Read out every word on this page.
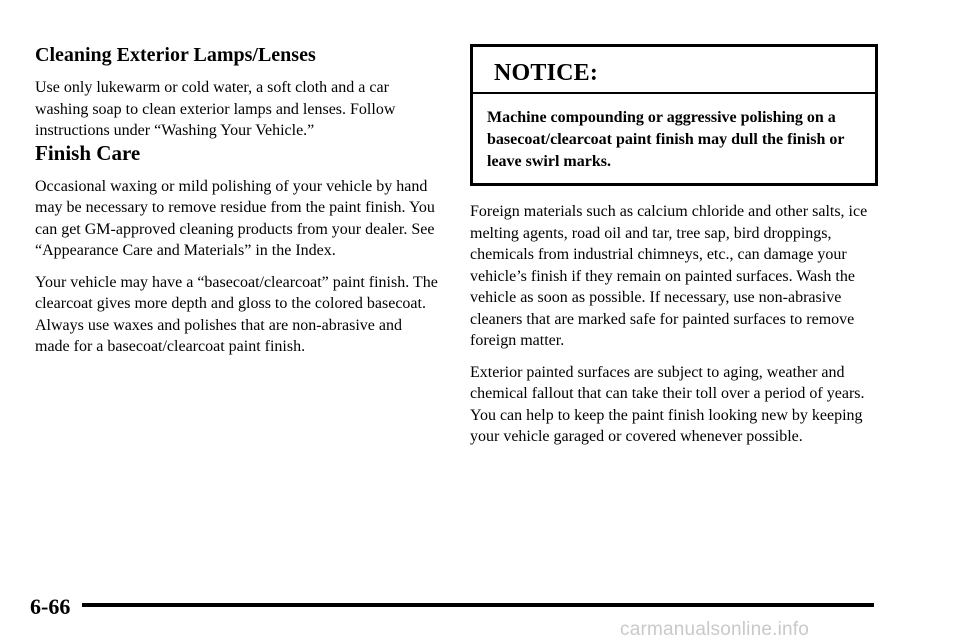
Cleaning Exterior Lamps/Lenses

Use only lukewarm or cold water, a soft cloth and a car washing soap to clean exterior lamps and lenses. Follow instructions under “Washing Your Vehicle.”

Finish Care

Occasional waxing or mild polishing of your vehicle by hand may be necessary to remove residue from the paint finish. You can get GM-approved cleaning products from your dealer. See “Appearance Care and Materials” in the Index.

Your vehicle may have a “basecoat/clearcoat” paint finish. The clearcoat gives more depth and gloss to the colored basecoat. Always use waxes and polishes that are non-abrasive and made for a basecoat/clearcoat paint finish.

NOTICE:
Machine compounding or aggressive polishing on a basecoat/clearcoat paint finish may dull the finish or leave swirl marks.

Foreign materials such as calcium chloride and other salts, ice melting agents, road oil and tar, tree sap, bird droppings, chemicals from industrial chimneys, etc., can damage your vehicle’s finish if they remain on painted surfaces. Wash the vehicle as soon as possible. If necessary, use non-abrasive cleaners that are marked safe for painted surfaces to remove foreign matter.

Exterior painted surfaces are subject to aging, weather and chemical fallout that can take their toll over a period of years. You can help to keep the paint finish looking new by keeping your vehicle garaged or covered whenever possible.

6-66
carmanualsonline.info
